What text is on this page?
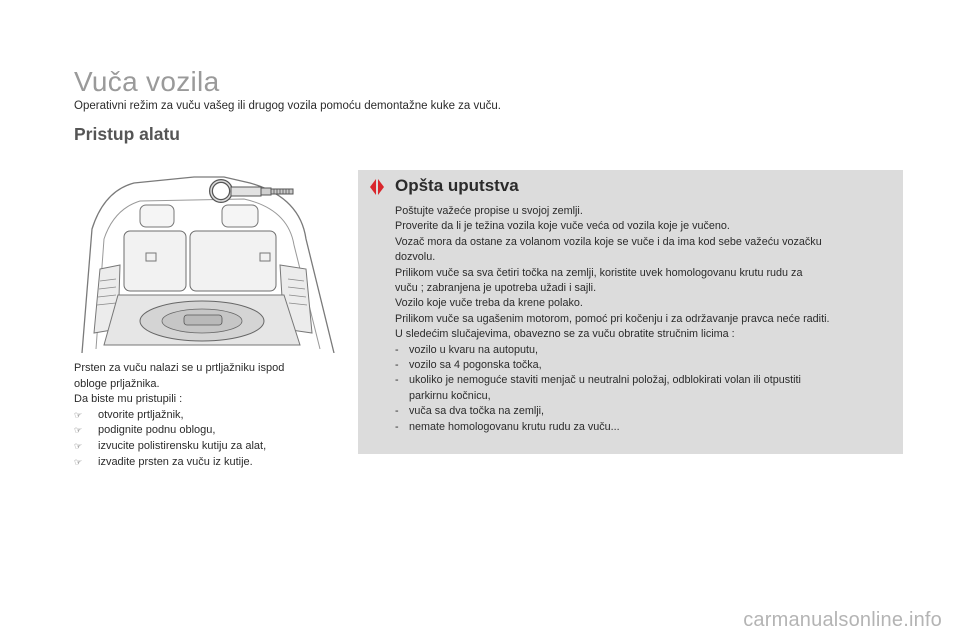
Vuča vozila
Operativni režim za vuču vašeg ili drugog vozila pomoću demontažne kuke za vuču.
Pristup alatu

Prsten za vuču nalazi se u prtljažniku ispod

obloge prljažnika.

Da biste mu pristupili :

☞	otvorite prtljažnik,
☞	podignite podnu oblogu,
☞	izvucite polistirensku kutiju za alat,
☞	izvadite prsten za vuču iz kutije.
Opšta uputstva

Poštujte važeće propise u svojoj zemlji.

Proverite da li je težina vozila koje vuče veća od vozila koje je vučeno.

Vozač mora da ostane za volanom vozila koje se vuče i da ima kod sebe važeću vozačku

dozvolu.

Prilikom vuče sa sva četiri točka na zemlji, koristite uvek homologovanu krutu rudu za

vuču ; zabranjena je upotreba užadi i sajli.

Vozilo koje vuče treba da krene polako.

Prilikom vuče sa ugašenim motorom, pomoć pri kočenju i za održavanje pravca neće raditi.

U sledećim slučajevima, obavezno se za vuču obratite stručnim licima :

- vozilo u kvaru na autoputu,
- vozilo sa 4 pogonska točka,
- ukoliko je nemoguće staviti menjač u neutralni položaj, odblokirati volan ili otpustiti
parkirnu kočnicu,
- vuča sa dva točka na zemlji,
- nemate homologovanu krutu rudu za vuču...
carmanualsonline.info
